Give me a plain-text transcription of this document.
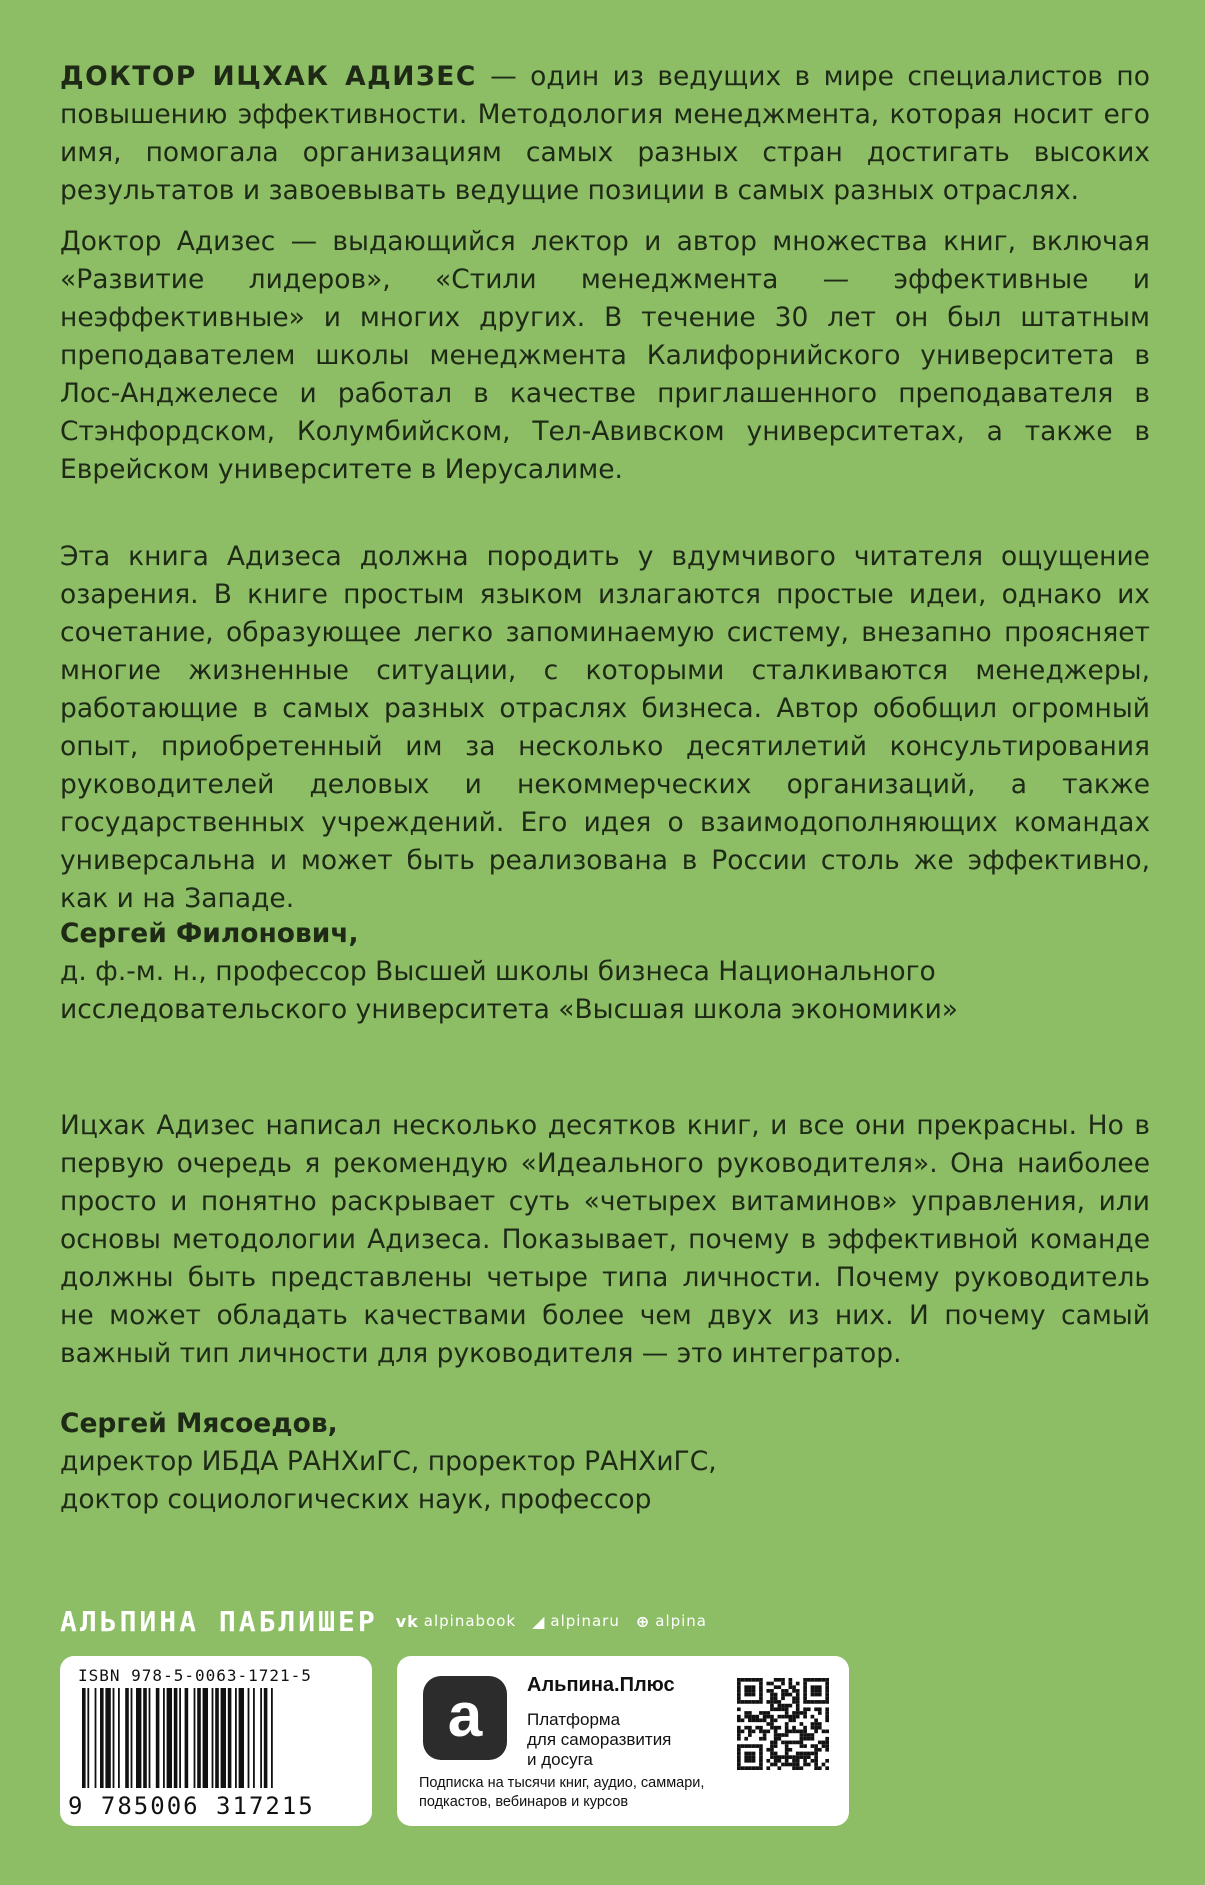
ДОКТОР ИЦХАК АДИЗЕС — один из ведущих в мире специалистов по повышению эффективности. Методология менеджмента, которая носит его имя, помогала организациям самых разных стран достигать высоких результатов и завоевывать ведущие позиции в самых разных отраслях.

Доктор Адизес — выдающийся лектор и автор множества книг, включая «Развитие лидеров», «Стили менеджмента — эффективные и неэффективные» и многих других. В течение 30 лет он был штатным преподавателем школы менеджмента Калифорнийского университета в Лос-Анджелесе и работал в качестве приглашенного преподавателя в Стэнфордском, Колумбийском, Тел-Авивском университетах, а также в Еврейском университете в Иерусалиме.

Эта книга Адизеса должна породить у вдумчивого читателя ощущение озарения. В книге простым языком излагаются простые идеи, однако их сочетание, образующее легко запоминаемую систему, внезапно проясняет многие жизненные ситуации, с которыми сталкиваются менеджеры, работающие в самых разных отраслях бизнеса. Автор обобщил огромный опыт, приобретенный им за несколько десятилетий консультирования руководителей деловых и некоммерческих организаций, а также государственных учреждений. Его идея о взаимодополняющих командах универсальна и может быть реализована в России столь же эффективно, как и на Западе.

Сергей Филонович,
д. ф.-м. н., профессор Высшей школы бизнеса Национального
исследовательского университета «Высшая школа экономики»

Ицхак Адизес написал несколько десятков книг, и все они прекрасны. Но в первую очередь я рекомендую «Идеального руководителя». Она наиболее просто и понятно раскрывает суть «четырех витаминов» управления, или основы методологии Адизеса. Показывает, почему в эффективной команде должны быть представлены четыре типа личности. Почему руководитель не может обладать качествами более чем двух из них. И почему самый важный тип личности для руководителя — это интегратор.

Сергей Мясоедов,
директор ИБДА РАНХиГС, проректор РАНХиГС,
доктор социологических наук, профессор
АЛЬПИНА ПАБЛИШЕР vk alpinabook ◢ alpinaru ⊕ alpina
ISBN 978-5-0063-1721-5
9 785006 317215
a	Альпина.Плюс
Платформа
для саморазвития
и досуга
Подписка на тысячи книг, аудио, саммари,
подкастов, вебинаров и курсов
